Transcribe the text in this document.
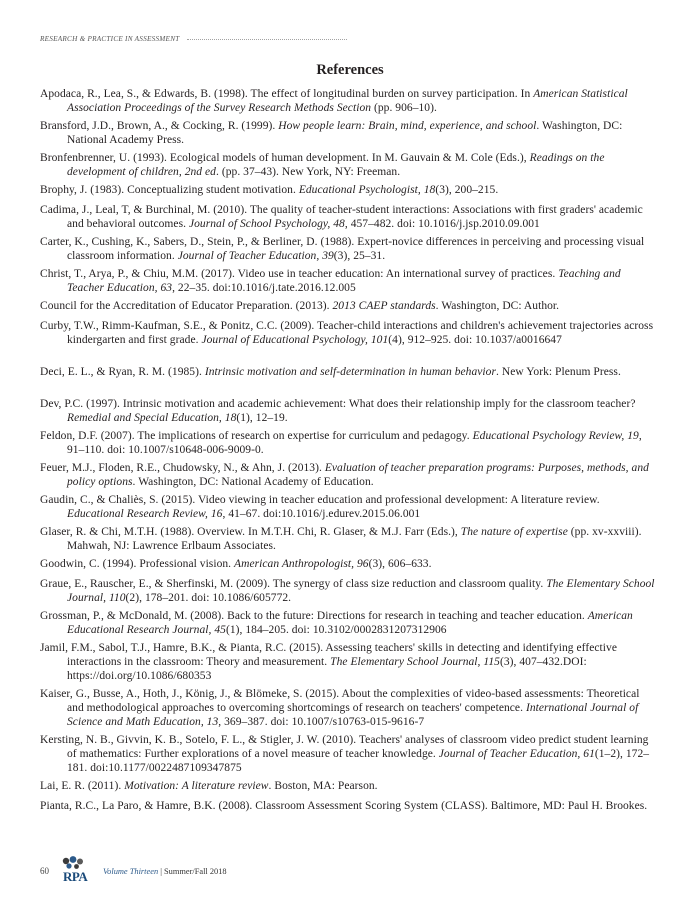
RESEARCH & PRACTICE IN ASSESSMENT
References
Apodaca, R., Lea, S., & Edwards, B. (1998). The effect of longitudinal burden on survey participation. In American Statistical Association Proceedings of the Survey Research Methods Section (pp. 906–10).
Bransford, J.D., Brown, A., & Cocking, R. (1999). How people learn: Brain, mind, experience, and school. Washington, DC: National Academy Press.
Bronfenbrenner, U. (1993). Ecological models of human development. In M. Gauvain & M. Cole (Eds.), Readings on the development of children, 2nd ed. (pp. 37–43). New York, NY: Freeman.
Brophy, J. (1983). Conceptualizing student motivation. Educational Psychologist, 18(3), 200–215.
Cadima, J., Leal, T, & Burchinal, M. (2010). The quality of teacher-student interactions: Associations with first graders' academic and behavioral outcomes. Journal of School Psychology, 48, 457–482. doi: 10.1016/j.jsp.2010.09.001
Carter, K., Cushing, K., Sabers, D., Stein, P., & Berliner, D. (1988). Expert-novice differences in perceiving and processing visual classroom information. Journal of Teacher Education, 39(3), 25–31.
Christ, T., Arya, P., & Chiu, M.M. (2017). Video use in teacher education: An international survey of practices. Teaching and Teacher Education, 63, 22–35. doi:10.1016/j.tate.2016.12.005
Council for the Accreditation of Educator Preparation. (2013). 2013 CAEP standards. Washington, DC: Author.
Curby, T.W., Rimm-Kaufman, S.E., & Ponitz, C.C. (2009). Teacher-child interactions and children's achievement trajectories across kindergarten and first grade. Journal of Educational Psychology, 101(4), 912–925. doi: 10.1037/a0016647
Deci, E. L., & Ryan, R. M. (1985). Intrinsic motivation and self-determination in human behavior. New York: Plenum Press.
Dev, P.C. (1997). Intrinsic motivation and academic achievement: What does their relationship imply for the classroom teacher? Remedial and Special Education, 18(1), 12–19.
Feldon, D.F. (2007). The implications of research on expertise for curriculum and pedagogy. Educational Psychology Review, 19, 91–110. doi: 10.1007/s10648-006-9009-0.
Feuer, M.J., Floden, R.E., Chudowsky, N., & Ahn, J. (2013). Evaluation of teacher preparation programs: Purposes, methods, and policy options. Washington, DC: National Academy of Education.
Gaudin, C., & Chaliès, S. (2015). Video viewing in teacher education and professional development: A literature review. Educational Research Review, 16, 41–67. doi:10.1016/j.edurev.2015.06.001
Glaser, R. & Chi, M.T.H. (1988). Overview. In M.T.H. Chi, R. Glaser, & M.J. Farr (Eds.), The nature of expertise (pp. xv-xxviii). Mahwah, NJ: Lawrence Erlbaum Associates.
Goodwin, C. (1994). Professional vision. American Anthropologist, 96(3), 606–633.
Graue, E., Rauscher, E., & Sherfinski, M. (2009). The synergy of class size reduction and classroom quality. The Elementary School Journal, 110(2), 178–201. doi: 10.1086/605772.
Grossman, P., & McDonald, M. (2008). Back to the future: Directions for research in teaching and teacher education. American Educational Research Journal, 45(1), 184–205. doi: 10.3102/0002831207312906
Jamil, F.M., Sabol, T.J., Hamre, B.K., & Pianta, R.C. (2015). Assessing teachers' skills in detecting and identifying effective interactions in the classroom: Theory and measurement. The Elementary School Journal, 115(3), 407–432.DOI: https://doi.org/10.1086/680353
Kaiser, G., Busse, A., Hoth, J., König, J., & Blömeke, S. (2015). About the complexities of video-based assessments: Theoretical and methodological approaches to overcoming shortcomings of research on teachers' competence. International Journal of Science and Math Education, 13, 369–387. doi: 10.1007/s10763-015-9616-7
Kersting, N. B., Givvin, K. B., Sotelo, F. L., & Stigler, J. W. (2010). Teachers' analyses of classroom video predict student learning of mathematics: Further explorations of a novel measure of teacher knowledge. Journal of Teacher Education, 61(1–2), 172–181. doi:10.1177/0022487109347875
Lai, E. R. (2011). Motivation: A literature review. Boston, MA: Pearson.
Pianta, R.C., La Paro, & Hamre, B.K. (2008). Classroom Assessment Scoring System (CLASS). Baltimore, MD: Paul H. Brookes.
60 RPA Volume Thirteen | Summer/Fall 2018
